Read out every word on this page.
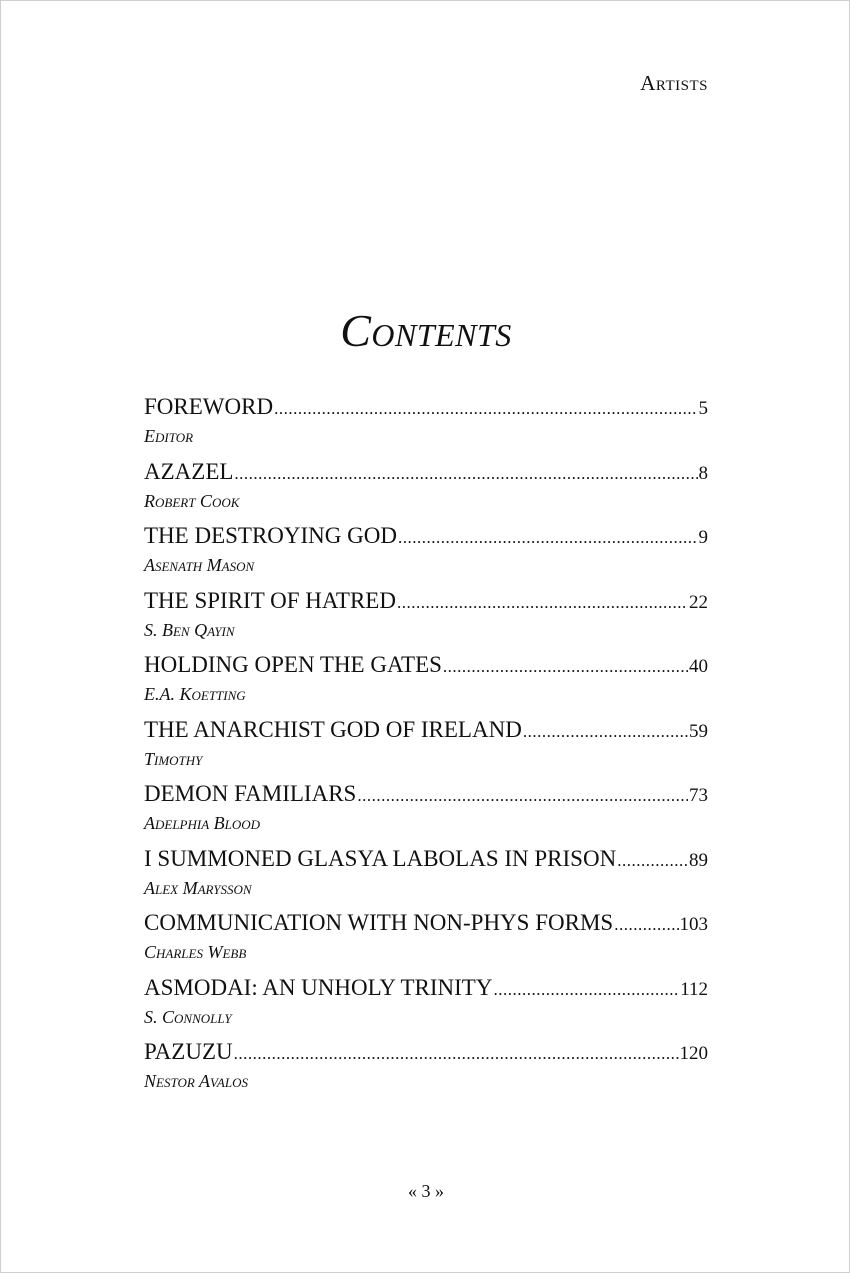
Artists
Contents
FOREWORD .....	5
Editor
AZAZEL .....	8
Robert Cook
THE DESTROYING GOD .....	9
Asenath Mason
THE SPIRIT OF HATRED .....	22
S. Ben Qayin
HOLDING OPEN THE GATES .....	40
E.A. Koetting
THE ANARCHIST GOD OF IRELAND .....	59
Timothy
DEMON FAMILIARS .....	73
Adelphia Blood
I SUMMONED GLASYA LABOLAS IN PRISON .....	89
Alex Marysson
COMMUNICATION WITH NON-PHYS FORMS .....	103
Charles Webb
ASMODAI: AN UNHOLY TRINITY .....	112
S. Connolly
PAZUZU .....	120
Nestor Avalos
« 3 »
